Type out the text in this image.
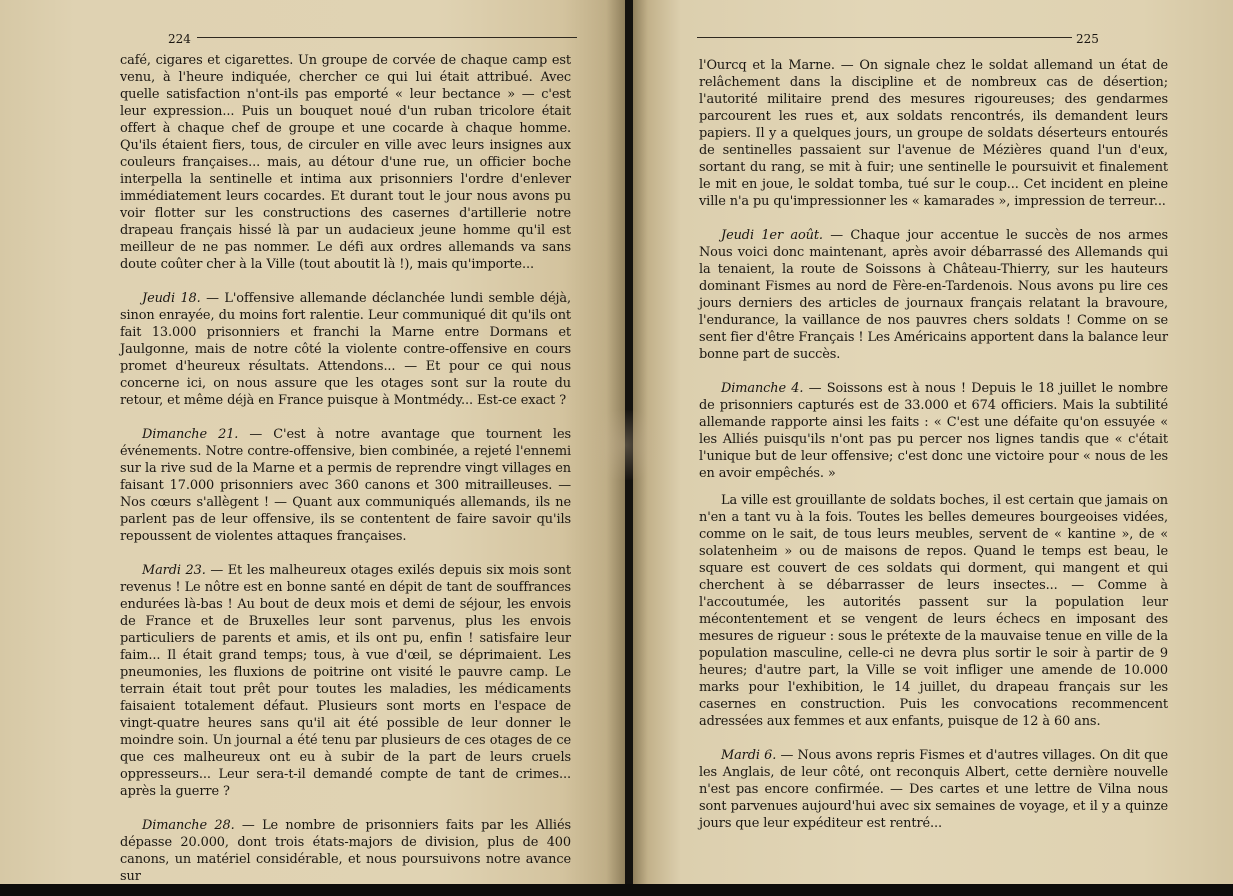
224

café, cigares et cigarettes. Un groupe de corvée de chaque camp est venu, à l'heure indiquée, chercher ce qui lui était attribué. Avec quelle satisfaction n'ont-ils pas emporté « leur bectance » — c'est leur expression... Puis un bouquet noué d'un ruban tricolore était offert à chaque chef de groupe et une cocarde à chaque homme. Qu'ils étaient fiers, tous, de circuler en ville avec leurs insignes aux couleurs françaises... mais, au détour d'une rue, un officier boche interpella la sentinelle et intima aux prisonniers l'ordre d'enlever immédiatement leurs cocardes. Et durant tout le jour nous avons pu voir flotter sur les constructions des casernes d'artillerie notre drapeau français hissé là par un audacieux jeune homme qu'il est meilleur de ne pas nommer. Le défi aux ordres allemands va sans doute coûter cher à la Ville (tout aboutit là !), mais qu'importe...

Jeudi 18. — L'offensive allemande déclanchée lundi semble déjà, sinon enrayée, du moins fort ralentie. Leur communiqué dit qu'ils ont fait 13.000 prisonniers et franchi la Marne entre Dormans et Jaulgonne, mais de notre côté la violente contre-offensive en cours promet d'heureux résultats. Attendons... — Et pour ce qui nous concerne ici, on nous assure que les otages sont sur la route du retour, et même déjà en France puisque à Montmédy... Est-ce exact ?

Dimanche 21. — C'est à notre avantage que tournent les événements. Notre contre-offensive, bien combinée, a rejeté l'ennemi sur la rive sud de la Marne et a permis de reprendre vingt villages en faisant 17.000 prisonniers avec 360 canons et 300 mitrailleuses. — Nos cœurs s'allègent ! — Quant aux communiqués allemands, ils ne parlent pas de leur offensive, ils se contentent de faire savoir qu'ils repoussent de violentes attaques françaises.

Mardi 23. — Et les malheureux otages exilés depuis six mois sont revenus ! Le nôtre est en bonne santé en dépit de tant de souffrances endurées là-bas ! Au bout de deux mois et demi de séjour, les envois de France et de Bruxelles leur sont parvenus, plus les envois particuliers de parents et amis, et ils ont pu, enfin ! satisfaire leur faim... Il était grand temps; tous, à vue d'œil, se déprimaient. Les pneumonies, les fluxions de poitrine ont visité le pauvre camp. Le terrain était tout prêt pour toutes les maladies, les médicaments faisaient totalement défaut. Plusieurs sont morts en l'espace de vingt-quatre heures sans qu'il ait été possible de leur donner le moindre soin. Un journal a été tenu par plusieurs de ces otages de ce que ces malheureux ont eu à subir de la part de leurs cruels oppresseurs... Leur sera-t-il demandé compte de tant de crimes... après la guerre ?

Dimanche 28. — Le nombre de prisonniers faits par les Alliés dépasse 20.000, dont trois états-majors de division, plus de 400 canons, un matériel considérable, et nous poursuivons notre avance sur

225

l'Ourcq et la Marne. — On signale chez le soldat allemand un état de relâchement dans la discipline et de nombreux cas de désertion; l'autorité militaire prend des mesures rigoureuses; des gendarmes parcourent les rues et, aux soldats rencontrés, ils demandent leurs papiers. Il y a quelques jours, un groupe de soldats déserteurs entourés de sentinelles passaient sur l'avenue de Mézières quand l'un d'eux, sortant du rang, se mit à fuir; une sentinelle le poursuivit et finalement le mit en joue, le soldat tomba, tué sur le coup... Cet incident en pleine ville n'a pu qu'impressionner les « kamarades », impression de terreur...

Jeudi 1er août. — Chaque jour accentue le succès de nos armes Nous voici donc maintenant, après avoir débarrassé des Allemands qui la tenaient, la route de Soissons à Château-Thierry, sur les hauteurs dominant Fismes au nord de Fère-en-Tardenois. Nous avons pu lire ces jours derniers des articles de journaux français relatant la bravoure, l'endurance, la vaillance de nos pauvres chers soldats ! Comme on se sent fier d'être Français ! Les Américains apportent dans la balance leur bonne part de succès.

Dimanche 4. — Soissons est à nous ! Depuis le 18 juillet le nombre de prisonniers capturés est de 33.000 et 674 officiers. Mais la subtilité allemande rapporte ainsi les faits : « C'est une défaite qu'on essuyée « les Alliés puisqu'ils n'ont pas pu percer nos lignes tandis que « c'était l'unique but de leur offensive; c'est donc une victoire pour « nous de les en avoir empêchés. »

La ville est grouillante de soldats boches, il est certain que jamais on n'en a tant vu à la fois. Toutes les belles demeures bourgeoises vidées, comme on le sait, de tous leurs meubles, servent de « kantine », de « solatenheim » ou de maisons de repos. Quand le temps est beau, le square est couvert de ces soldats qui dorment, qui mangent et qui cherchent à se débarrasser de leurs insectes... — Comme à l'accoutumée, les autorités passent sur la population leur mécontentement et se vengent de leurs échecs en imposant des mesures de rigueur : sous le prétexte de la mauvaise tenue en ville de la population masculine, celle-ci ne devra plus sortir le soir à partir de 9 heures; d'autre part, la Ville se voit infliger une amende de 10.000 marks pour l'exhibition, le 14 juillet, du drapeau français sur les casernes en construction. Puis les convocations recommencent adressées aux femmes et aux enfants, puisque de 12 à 60 ans.

Mardi 6. — Nous avons repris Fismes et d'autres villages. On dit que les Anglais, de leur côté, ont reconquis Albert, cette dernière nouvelle n'est pas encore confirmée. — Des cartes et une lettre de Vilna nous sont parvenues aujourd'hui avec six semaines de voyage, et il y a quinze jours que leur expéditeur est rentré...
